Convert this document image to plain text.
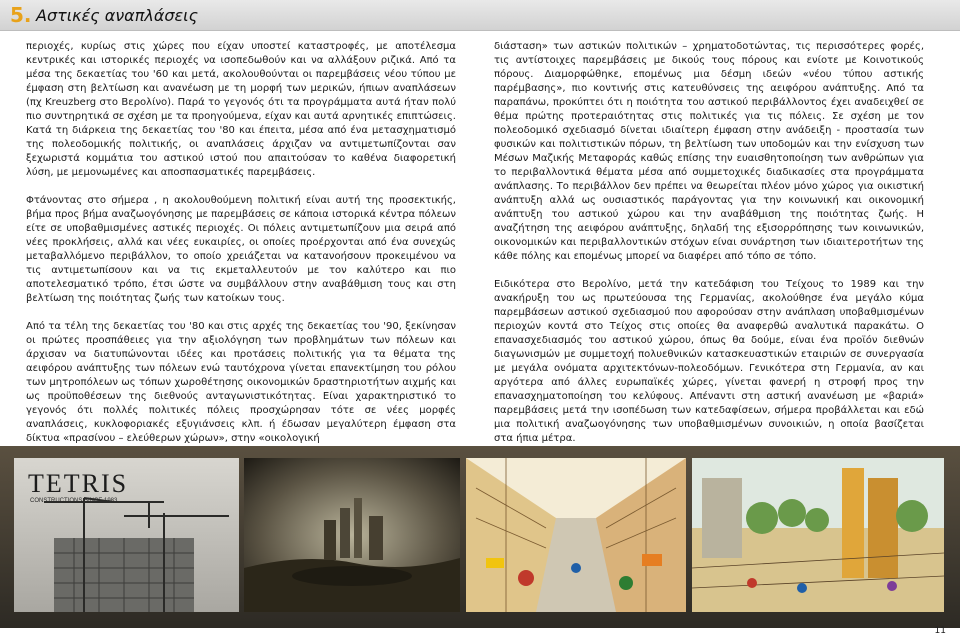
5. Αστικές αναπλάσεις

περιοχές, κυρίως στις χώρες που είχαν υποστεί καταστροφές, με αποτέλεσμα κεντρικές και ιστορικές περιοχές να ισοπεδωθούν και να αλλάξουν ριζικά. Από τα μέσα της δεκαετίας του '60 και μετά, ακολουθούνται οι παρεμβάσεις νέου τύπου με έμφαση στη βελτίωση και ανανέωση με τη μορφή των μερικών, ήπιων αναπλάσεων (πχ Kreuzberg στο Βερολίνο). Παρά το γεγονός ότι τα προγράμματα αυτά ήταν πολύ πιο συντηρητικά σε σχέση με τα προηγούμενα, είχαν και αυτά αρνητικές επιπτώσεις. Κατά τη διάρκεια της δεκαετίας του '80 και έπειτα, μέσα από ένα μετασχηματισμό της πολεοδομικής πολιτικής, οι αναπλάσεις άρχιζαν να αντιμετωπίζονται σαν ξεχωριστά κομμάτια του αστικού ιστού που απαιτούσαν το καθένα διαφορετική λύση, με μεμονωμένες και αποσπασματικές παρεμβάσεις.

Φτάνοντας στο σήμερα , η ακολουθούμενη πολιτική είναι αυτή της προσεκτικής, βήμα προς βήμα αναζωογόνησης με παρεμβάσεις σε κάποια ιστορικά κέντρα πόλεων είτε σε υποβαθμισμένες αστικές περιοχές. Οι πόλεις αντιμετωπίζουν μια σειρά από νέες προκλήσεις, αλλά και νέες ευκαιρίες, οι οποίες προέρχονται από ένα συνεχώς μεταβαλλόμενο περιβάλλον, το οποίο χρειάζεται να κατανοήσουν προκειμένου να τις αντιμετωπίσουν και να τις εκμεταλλευτούν με τον καλύτερο και πιο αποτελεσματικό τρόπο, έτσι ώστε να συμβάλλουν στην αναβάθμιση τους και στη βελτίωση της ποιότητας ζωής των κατοίκων τους.

Από τα τέλη της δεκαετίας του '80 και στις αρχές της δεκαετίας του '90, ξεκίνησαν οι πρώτες προσπάθειες για την αξιολόγηση των προβλημάτων των πόλεων και άρχισαν να διατυπώνονται ιδέες και προτάσεις πολιτικής για τα θέματα της αειφόρου ανάπτυξης των πόλεων ενώ ταυτόχρονα γίνεται επανεκτίμηση του ρόλου των μητροπόλεων ως τόπων χωροθέτησης οικονομικών δραστηριοτήτων αιχμής και ως προϋποθέσεων της διεθνούς ανταγωνιστικότητας. Είναι χαρακτηριστικό το γεγονός ότι πολλές πολιτικές πόλεις προσχώρησαν τότε σε νέες μορφές αναπλάσεις, κυκλοφοριακές εξυγιάνσεις κλπ. ή έδωσαν μεγαλύτερη έμφαση στα δίκτυα «πρασίνου – ελεύθερων χώρων», στην «οικολογική

διάσταση» των αστικών πολιτικών – χρηματοδοτώντας, τις περισσότερες φορές, τις αντίστοιχες παρεμβάσεις με δικούς τους πόρους και ενίοτε με Κοινοτικούς πόρους. Διαμορφώθηκε, επομένως μια δέσμη ιδεών «νέου τύπου αστικής παρέμβασης», πιο κοντινής στις κατευθύνσεις της αειφόρου ανάπτυξης. Από τα παραπάνω, προκύπτει ότι η ποιότητα του αστικού περιβάλλοντος έχει αναδειχθεί σε θέμα πρώτης προτεραιότητας στις πολιτικές για τις πόλεις. Σε σχέση με τον πολεοδομικό σχεδιασμό δίνεται ιδιαίτερη έμφαση στην ανάδειξη - προστασία των φυσικών και πολιτιστικών πόρων, τη βελτίωση των υποδομών και την ενίσχυση των Μέσων Μαζικής Μεταφοράς καθώς επίσης την ευαισθητοποίηση των ανθρώπων για το περιβαλλοντικά θέματα μέσα από συμμετοχικές διαδικασίες στα προγράμματα ανάπλασης. Το περιβάλλον δεν πρέπει να θεωρείται πλέον μόνο χώρος για οικιστική ανάπτυξη αλλά ως ουσιαστικός παράγοντας για την κοινωνική και οικονομική ανάπτυξη του αστικού χώρου και την αναβάθμιση της ποιότητας ζωής. Η αναζήτηση της αειφόρου ανάπτυξης, δηλαδή της εξισορρόπησης των κοινωνικών, οικονομικών και περιβαλλοντικών στόχων είναι συνάρτηση των ιδιαιτεροτήτων της κάθε πόλης και επομένως μπορεί να διαφέρει από τόπο σε τόπο.

Ειδικότερα στο Βερολίνο, μετά την κατεδάφιση του Τείχους το 1989 και την ανακήρυξη του ως πρωτεύουσα της Γερμανίας, ακολούθησε ένα μεγάλο κύμα παρεμβάσεων αστικού σχεδιασμού που αφορούσαν στην ανάπλαση υποβαθμισμένων περιοχών κοντά στο Τείχος στις οποίες θα αναφερθώ αναλυτικά παρακάτω. Ο επανασχεδιασμός του αστικού χώρου, όπως θα δούμε, είναι ένα προϊόν διεθνών διαγωνισμών με συμμετοχή πολυεθνικών κατασκευαστικών εταιριών σε συνεργασία με μεγάλα ονόματα αρχιτεκτόνων-πολεοδόμων. Γενικότερα στη Γερμανία, αν και αργότερα από άλλες ευρωπαϊκές χώρες, γίνεται φανερή η στροφή προς την επανασχηματοποίηση του κελύφους. Απέναντι στη αστική ανανέωση με «βαριά» παρεμβάσεις μετά την ισοπέδωση των κατεδαφίσεων, σήμερα προβάλλεται και εδώ μια πολιτική αναζωογόνησης των υποβαθμισμένων συνοικιών, η οποία βασίζεται στα ήπια μέτρα.

TETRIS
CONSTRUCTIONS SINCE 1983
11
